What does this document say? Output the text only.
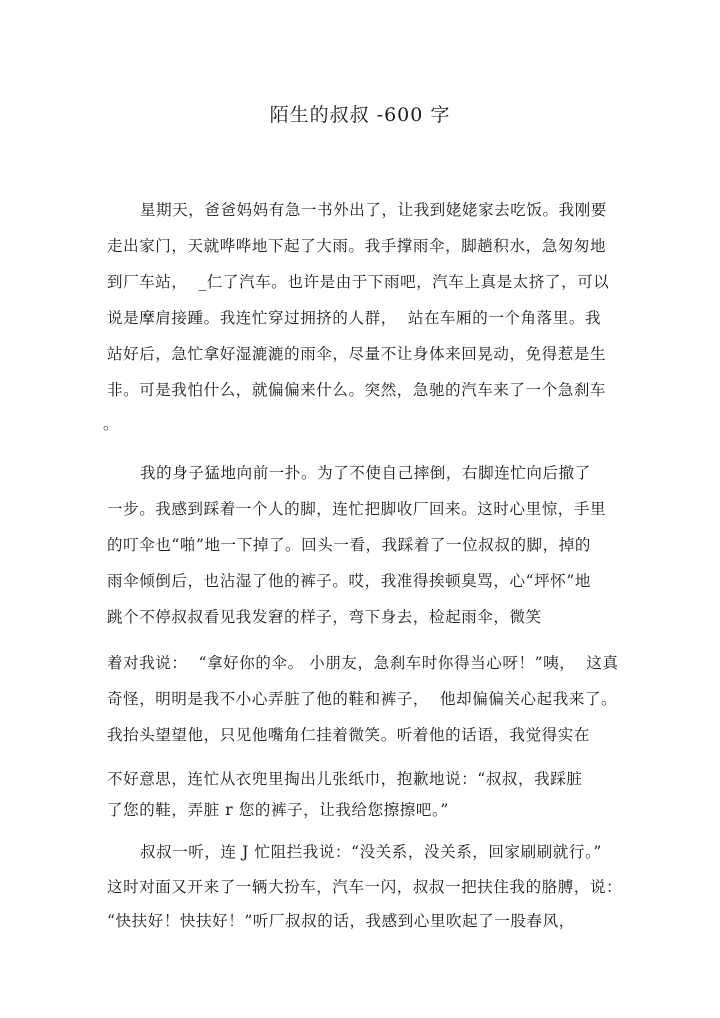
陌生的叔叔 -600 字
星期天，爸爸妈妈有急一书外出了，让我到姥姥家去吃饭。我刚要
走出家门，天就哗哗地下起了大雨。我手撑雨伞，脚趟积水，急匆匆地
到厂车站，  _仁了汽车。也许是由于下雨吧，汽车上真是太挤了，可以
说是摩肩接踵。我连忙穿过拥挤的人群，  站在车厢的一个角落里。我
站好后，急忙拿好湿漉漉的雨伞，尽量不让身体来回晃动，免得惹是生
非。可是我怕什么，就偏偏来什么。突然，急驰的汽车来了一个急刹车
。
我的身子猛地向前一扑。为了不使自己摔倒，右脚连忙向后撤了
一步。我感到踩着一个人的脚，连忙把脚收厂回来。这时心里惊，手里
的叮伞也“啪”地一下掉了。回头一看，我踩着了一位叔叔的脚，掉的
雨伞倾倒后，也沾湿了他的裤子。哎，我准得挨顿臭骂，心“坪怀”地
跳个不停叔叔看见我发窘的样子，弯下身去，检起雨伞，微笑
着对我说：  “拿好你的伞。 小朋友，急刹车时你得当心呀！”咦，  这真
奇怪，明明是我不小心弄脏了他的鞋和裤子，  他却偏偏关心起我来了。
我抬头望望他，只见他嘴角仁挂着微笑。听着他的话语，我觉得实在
不好意思，连忙从衣兜里掏出儿张纸巾，抱歉地说：“叔叔，我踩脏
了您的鞋，弄脏 r 您的裤子，让我给您擦擦吧。”
叔叔一听，连 J 忙阻拦我说：“没关系，没关系，回家刷刷就行。”
这时对面又开来了一辆大扮车，汽车一闪，叔叔一把扶住我的胳膊，说：
“快扶好！快扶好！”听厂叔叔的话，我感到心里吹起了一股春风，
